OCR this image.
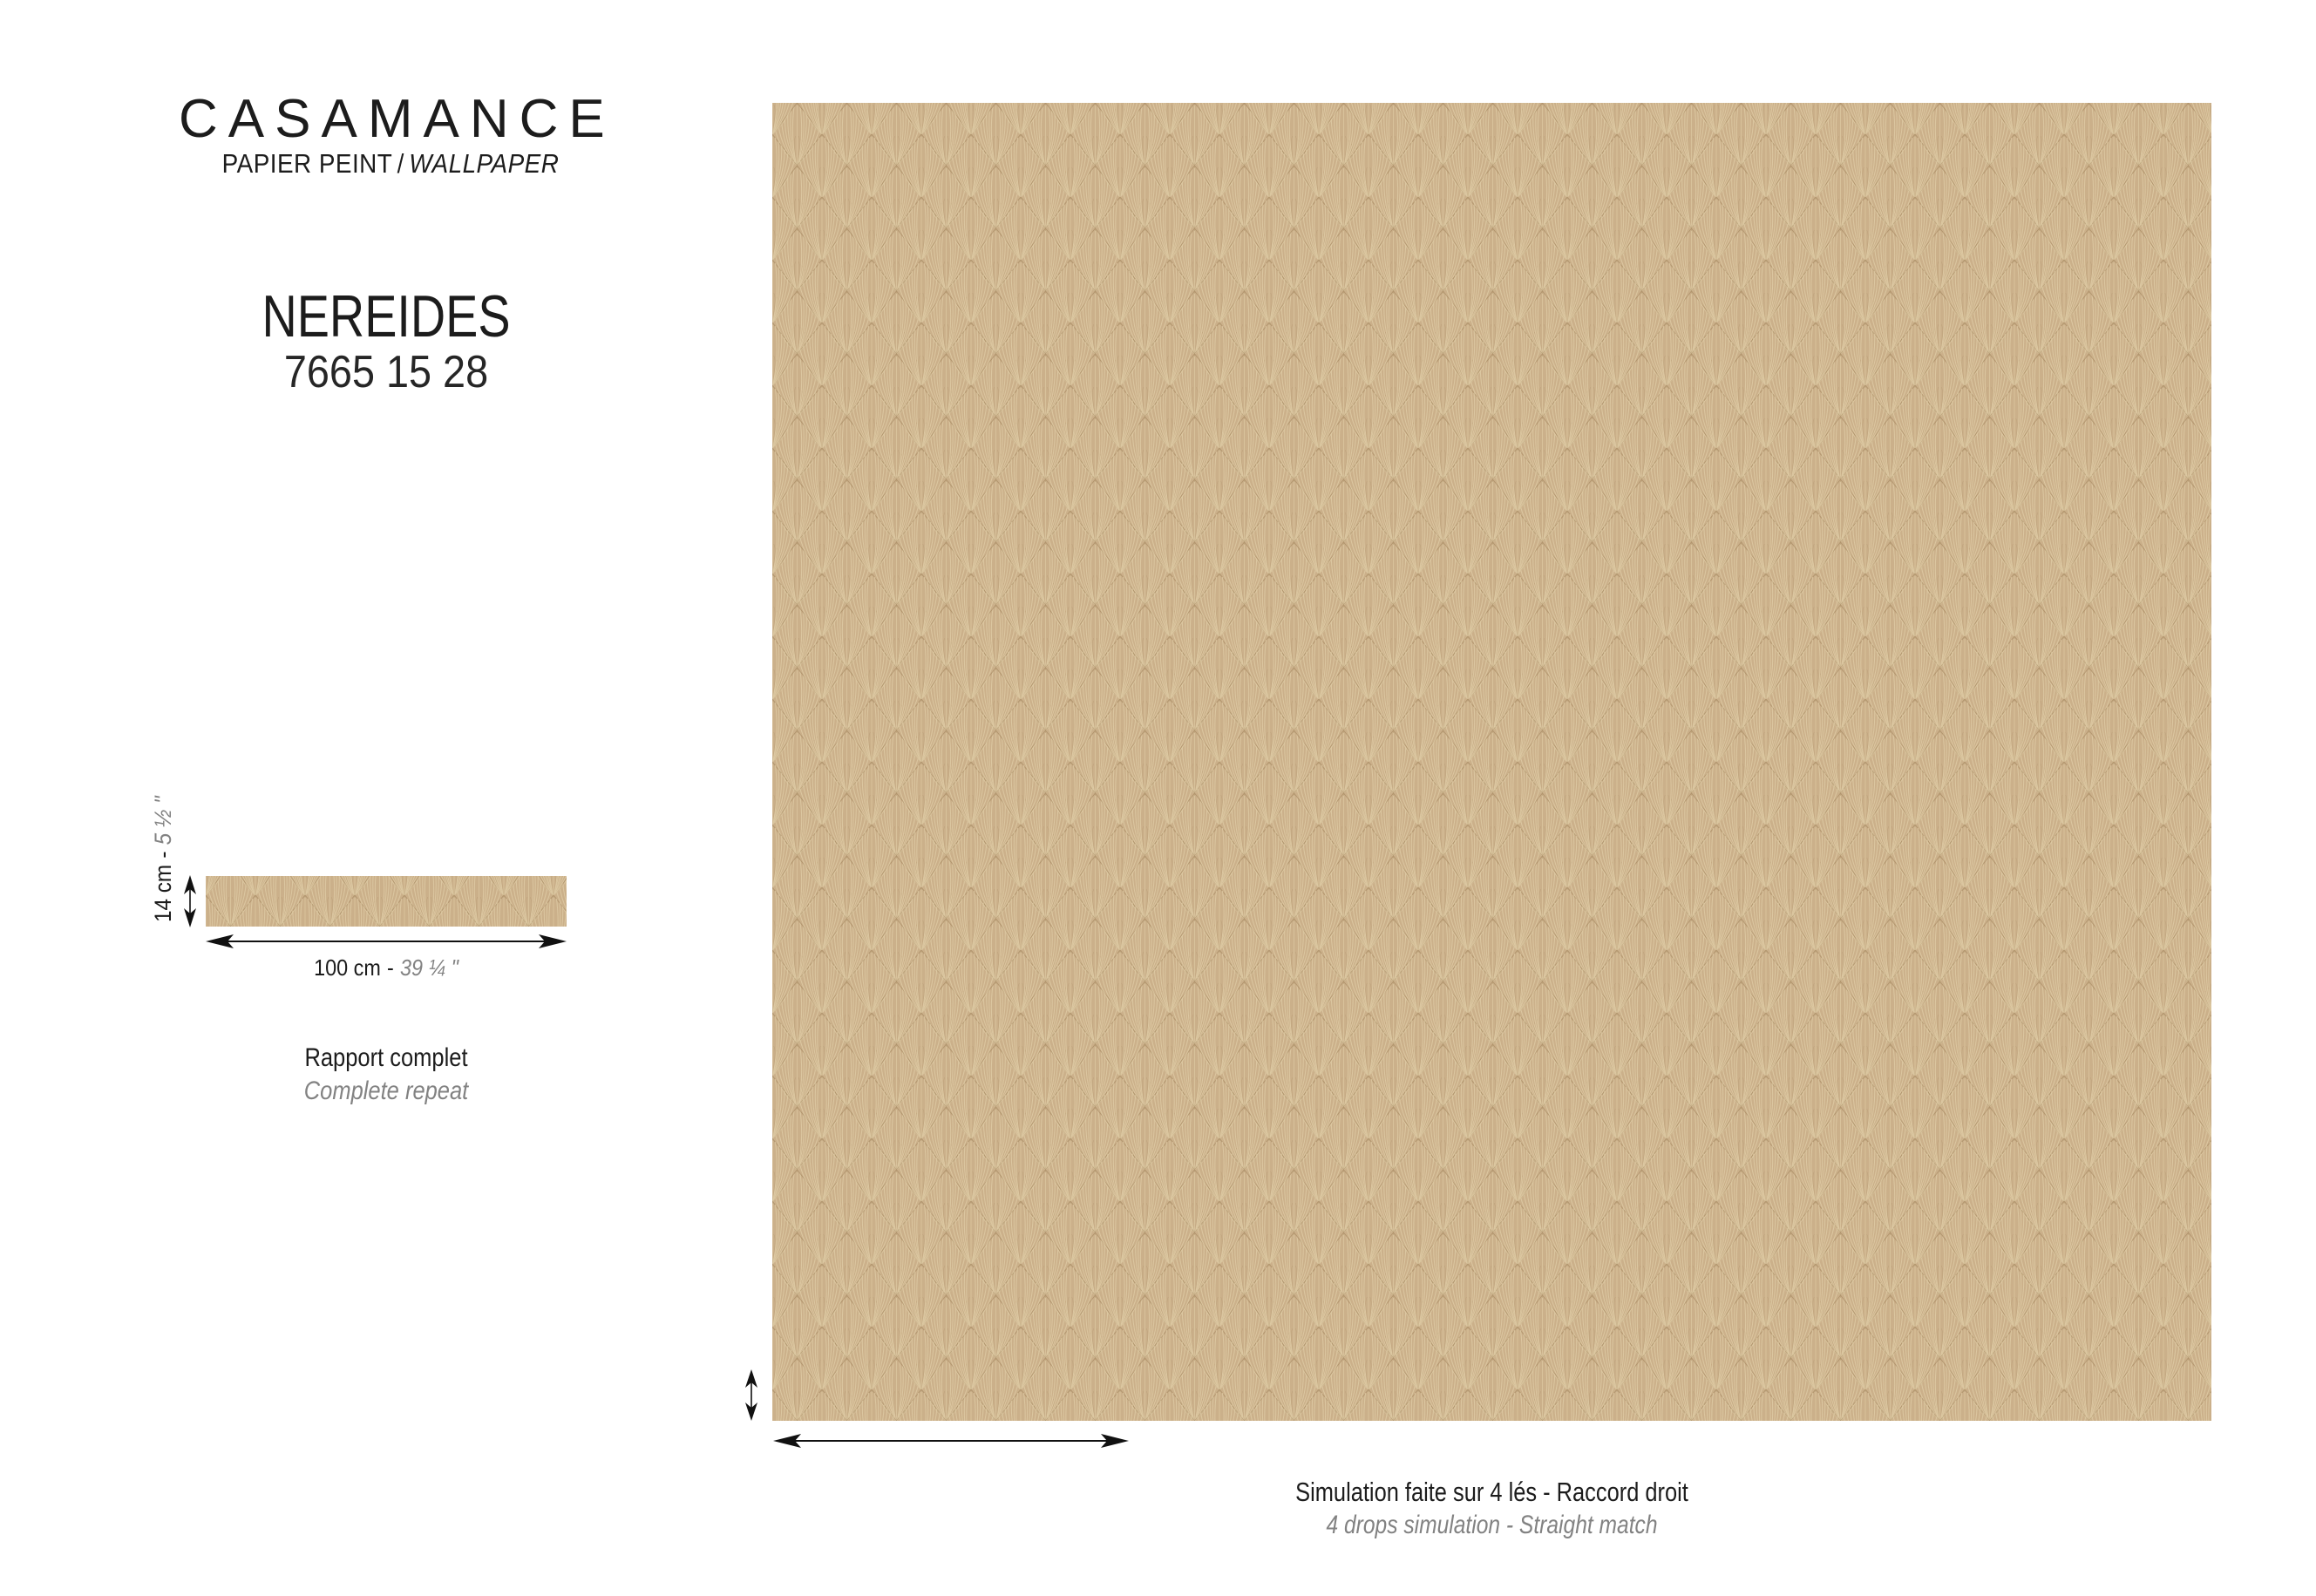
CASAMANCE
PAPIER PEINT / WALLPAPER
NEREIDES
7665 15 28
14 cm-5 ½ "
100 cm - 39 ¼ "
Rapport complet
Complete repeat
Simulation faite sur 4 lés - Raccord droit
4 drops simulation - Straight match
